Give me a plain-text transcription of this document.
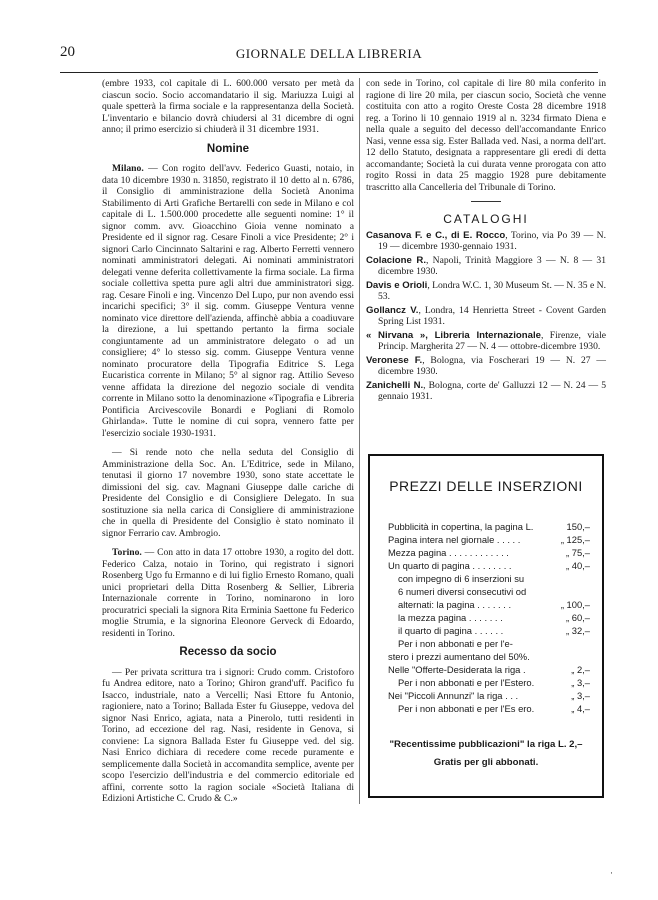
20	GIORNALE DELLA LIBRERIA

(embre 1933, col capitale di L. 600.000 versato per metà da ciascun socio. Socio accomandatario il sig. Mariuzza Luigi al quale spetterà la firma sociale e la rappresentanza della Società. L'inventario e bilancio dovrà chiudersi al 31 dicembre di ogni anno; il primo esercizio si chiuderà il 31 dicembre 1931.

Nomine

Milano. — Con rogito dell'avv. Federico Guasti, notaio, in data 10 dicembre 1930 n. 31850, registrato il 10 detto al n. 6786, il Consiglio di amministrazione della Società Anonima Stabilimento di Arti Grafiche Bertarelli con sede in Milano e col capitale di L. 1.500.000 procedette alle seguenti nomine: 1° il signor comm. avv. Gioacchino Gioia venne nominato a Presidente ed il signor rag. Cesare Finoli a vice Presidente; 2° i signori Carlo Cincinnato Saltarini e rag. Alberto Ferretti vennero nominati amministratori delegati. Ai nominati amministratori delegati venne deferita collettivamente la firma sociale. La firma sociale collettiva spetta pure agli altri due amministratori sigg. rag. Cesare Finoli e ing. Vincenzo Del Lupo, pur non avendo essi incarichi specifici; 3° il sig. comm. Giuseppe Ventura venne nominato vice direttore dell'azienda, affinchè abbia a coadiuvare la direzione, a lui spettando pertanto la firma sociale congiuntamente ad un amministratore delegato o ad un consigliere; 4° lo stesso sig. comm. Giuseppe Ventura venne nominato procuratore della Tipografia Editrice S. Lega Eucaristica corrente in Milano; 5° al signor rag. Attilio Seveso venne affidata la direzione del negozio sociale di vendita corrente in Milano sotto la denominazione «Tipografia e Libreria Pontificia Arcivescovile Bonardi e Pogliani di Romolo Ghirlanda». Tutte le nomine di cui sopra, vennero fatte per l'esercizio sociale 1930-1931.

— Si rende noto che nella seduta del Consiglio di Amministrazione della Soc. An. L'Editrice, sede in Milano, tenutasi il giorno 17 novembre 1930, sono state accettate le dimissioni del sig. cav. Magnani Giuseppe dalle cariche di Presidente del Consiglio e di Consigliere Delegato. In sua sostituzione sia nella carica di Consigliere di amministrazione che in quella di Presidente del Consiglio è stato nominato il signor Ferrario cav. Ambrogio.

Torino. — Con atto in data 17 ottobre 1930, a rogito del dott. Federico Calza, notaio in Torino, qui registrato i signori Rosenberg Ugo fu Ermanno e di lui figlio Ernesto Romano, quali unici proprietari della Ditta Rosenberg & Sellier, Libreria Internazionale corrente in Torino, nominarono in loro procuratrici speciali la signora Rita Erminia Saettone fu Federico moglie Strumia, e la signorina Eleonore Gerveck di Edoardo, residenti in Torino.

Recesso da socio

— Per privata scrittura tra i signori: Crudo comm. Cristoforo fu Andrea editore, nato a Torino; Ghiron grand'uff. Pacifico fu Isacco, industriale, nato a Vercelli; Nasi Ettore fu Antonio, ragioniere, nato a Torino; Ballada Ester fu Giuseppe, vedova del signor Nasi Enrico, agiata, nata a Pinerolo, tutti residenti in Torino, ad eccezione del rag. Nasi, residente in Genova, si conviene: La signora Ballada Ester fu Giuseppe ved. del sig. Nasi Enrico dichiara di recedere come recede puramente e semplicemente dalla Società in accomandita semplice, avente per scopo l'esercizio dell'industria e del commercio editoriale ed affini, corrente sotto la ragion sociale «Società Italiana di Edizioni Artistiche C. Crudo & C.»

con sede in Torino, col capitale di lire 80 mila conferito in ragione di lire 20 mila, per ciascun socio, Società che venne costituita con atto a rogito Oreste Costa 28 dicembre 1918 reg. a Torino li 10 gennaio 1919 al n. 3234 firmato Diena e nella quale a seguito del decesso dell'accomandante Enrico Nasi, venne essa sig. Ester Ballada ved. Nasi, a norma dell'art. 12 dello Statuto, designata a rappresentare gli eredi di detta accomandante; Società la cui durata venne prorogata con atto rogito Rossi in data 25 maggio 1928 pure debitamente trascritto alla Cancelleria del Tribunale di Torino.

CATALOGHI

Casanova F. e C., di E. Rocco, Torino, via Po 39 — N. 19 — dicembre 1930-gennaio 1931.

Colacione R., Napoli, Trinità Maggiore 3 — N. 8 — 31 dicembre 1930.

Davis e Orioli, Londra W.C. 1, 30 Museum St. — N. 35 e N. 53.

Gollancz V., Londra, 14 Henrietta Street - Covent Garden Spring List 1931.

« Nirvana », Libreria Internazionale, Firenze, viale Princip. Margherita 27 — N. 4 — ottobre-dicembre 1930.

Veronese F., Bologna, via Foscherari 19 — N. 27 — dicembre 1930.

Zanichelli N., Bologna, corte de' Galluzzi 12 — N. 24 — 5 gennaio 1931.

PREZZI DELLE INSERZIONI
Pubblicità in copertina, la pagina L.	150,–
Pagina intera nel giornale . . . . .	„ 125,–
Mezza pagina . . . . . . . . . . . .	„ 75,–
Un quarto di pagina . . . . . . . .	„ 40,–
con impegno di 6 inserzioni su
6 numeri diversi consecutivi od
alternati: la pagina . . . . . . .	„ 100,–
la mezza pagina . . . . . . .	„ 60,–
il quarto di pagina . . . . . .	„ 32,–
Per i non abbonati e per l'e-
stero i prezzi aumentano del 50%.
Nelle "Offerte-Desiderata la riga .	„ 2,–
Per i non abbonati e per l'Estero.	„ 3,–
Nei "Piccoli Annunzi" la riga . . .	„ 3,–
Per i non abbonati e per l'Es ero.	„ 4,–
"Recentissime pubblicazioni" la riga L. 2,–
Gratis per gli abbonati.
·
